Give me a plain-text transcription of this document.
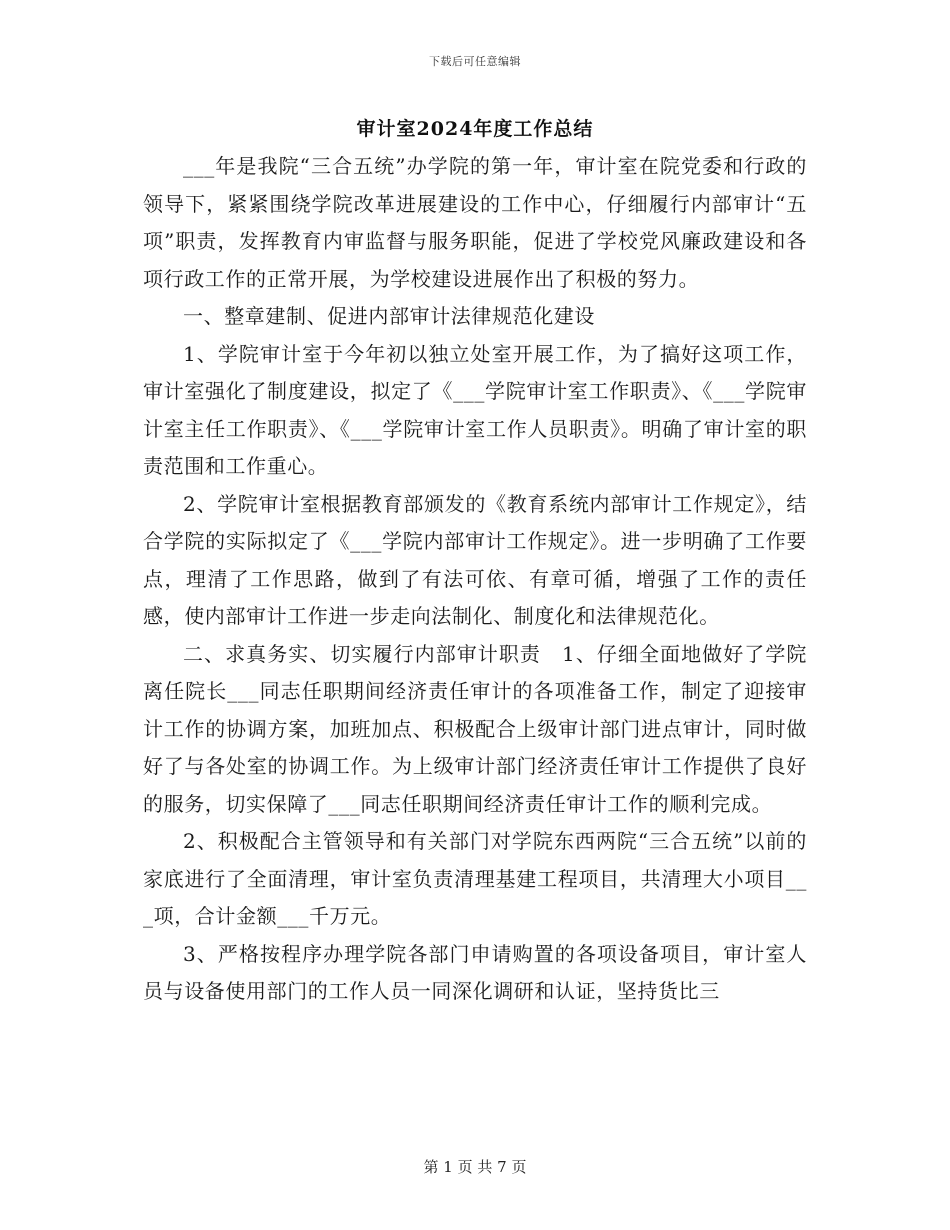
下载后可任意编辑
审计室2024年度工作总结

___年是我院“三合五统”办学院的第一年，审计室在院党委和行政的领导下，紧紧围绕学院改革进展建设的工作中心，仔细履行内部审计“五项”职责，发挥教育内审监督与服务职能，促进了学校党风廉政建设和各项行政工作的正常开展，为学校建设进展作出了积极的努力。

一、整章建制、促进内部审计法律规范化建设

1、学院审计室于今年初以独立处室开展工作，为了搞好这项工作，审计室强化了制度建设，拟定了《___学院审计室工作职责》、《___学院审计室主任工作职责》、《___学院审计室工作人员职责》。明确了审计室的职责范围和工作重心。

2、学院审计室根据教育部颁发的《教育系统内部审计工作规定》，结合学院的实际拟定了《___学院内部审计工作规定》。进一步明确了工作要点，理清了工作思路，做到了有法可依、有章可循，增强了工作的责任感，使内部审计工作进一步走向法制化、制度化和法律规范化。

二、求真务实、切实履行内部审计职责　1、仔细全面地做好了学院离任院长___同志任职期间经济责任审计的各项准备工作，制定了迎接审计工作的协调方案，加班加点、积极配合上级审计部门进点审计，同时做好了与各处室的协调工作。为上级审计部门经济责任审计工作提供了良好的服务，切实保障了___同志任职期间经济责任审计工作的顺利完成。

2、积极配合主管领导和有关部门对学院东西两院“三合五统”以前的家底进行了全面清理，审计室负责清理基建工程项目，共清理大小项目___项，合计金额___千万元。

3、严格按程序办理学院各部门申请购置的各项设备项目，审计室人员与设备使用部门的工作人员一同深化调研和认证，坚持货比三

第 1 页 共 7 页
